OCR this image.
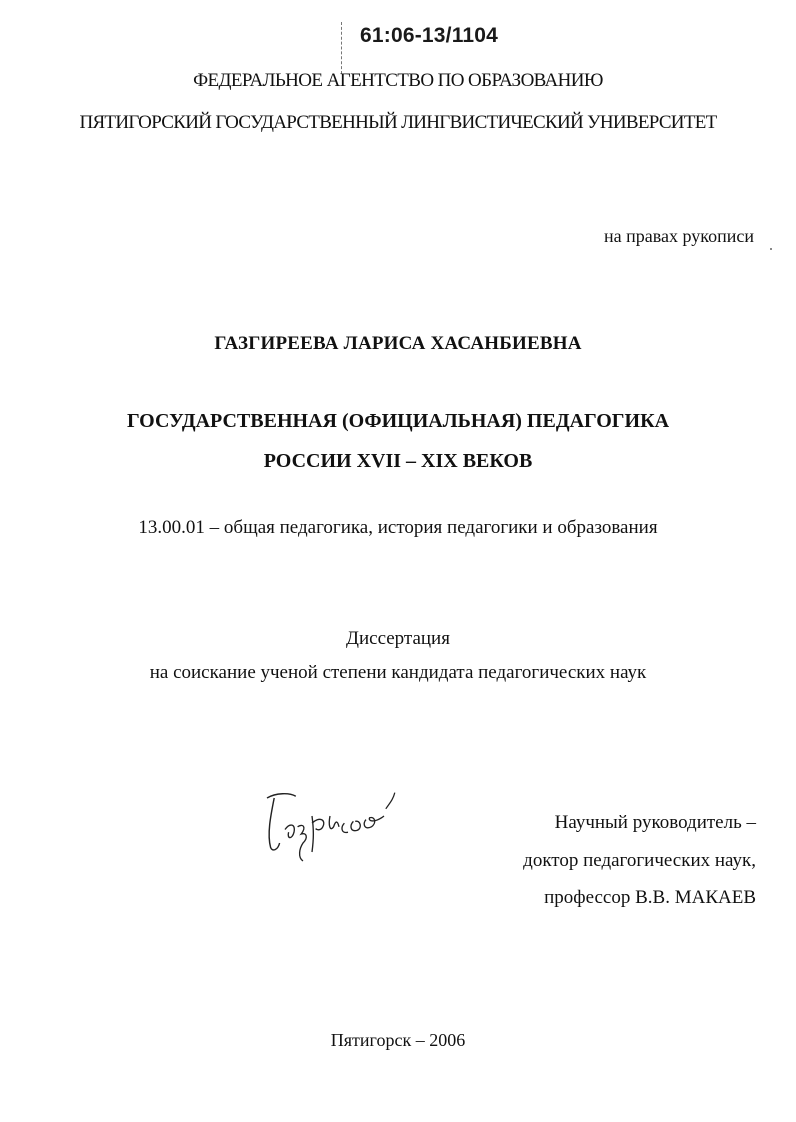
61:06-13/1104
ФЕДЕРАЛЬНОЕ АГЕНТСТВО ПО ОБРАЗОВАНИЮ
ПЯТИГОРСКИЙ ГОСУДАРСТВЕННЫЙ ЛИНГВИСТИЧЕСКИЙ УНИВЕРСИТЕТ
на правах рукописи
ГАЗГИРЕЕВА ЛАРИСА ХАСАНБИЕВНА
ГОСУДАРСТВЕННАЯ (ОФИЦИАЛЬНАЯ) ПЕДАГОГИКА
РОССИИ XVII – XIX ВЕКОВ
13.00.01 – общая педагогика, история педагогики и образования
Диссертация
на соискание ученой степени кандидата педагогических наук
Научный руководитель –
доктор педагогических наук,
профессор В.В. МАКАЕВ
Пятигорск – 2006
